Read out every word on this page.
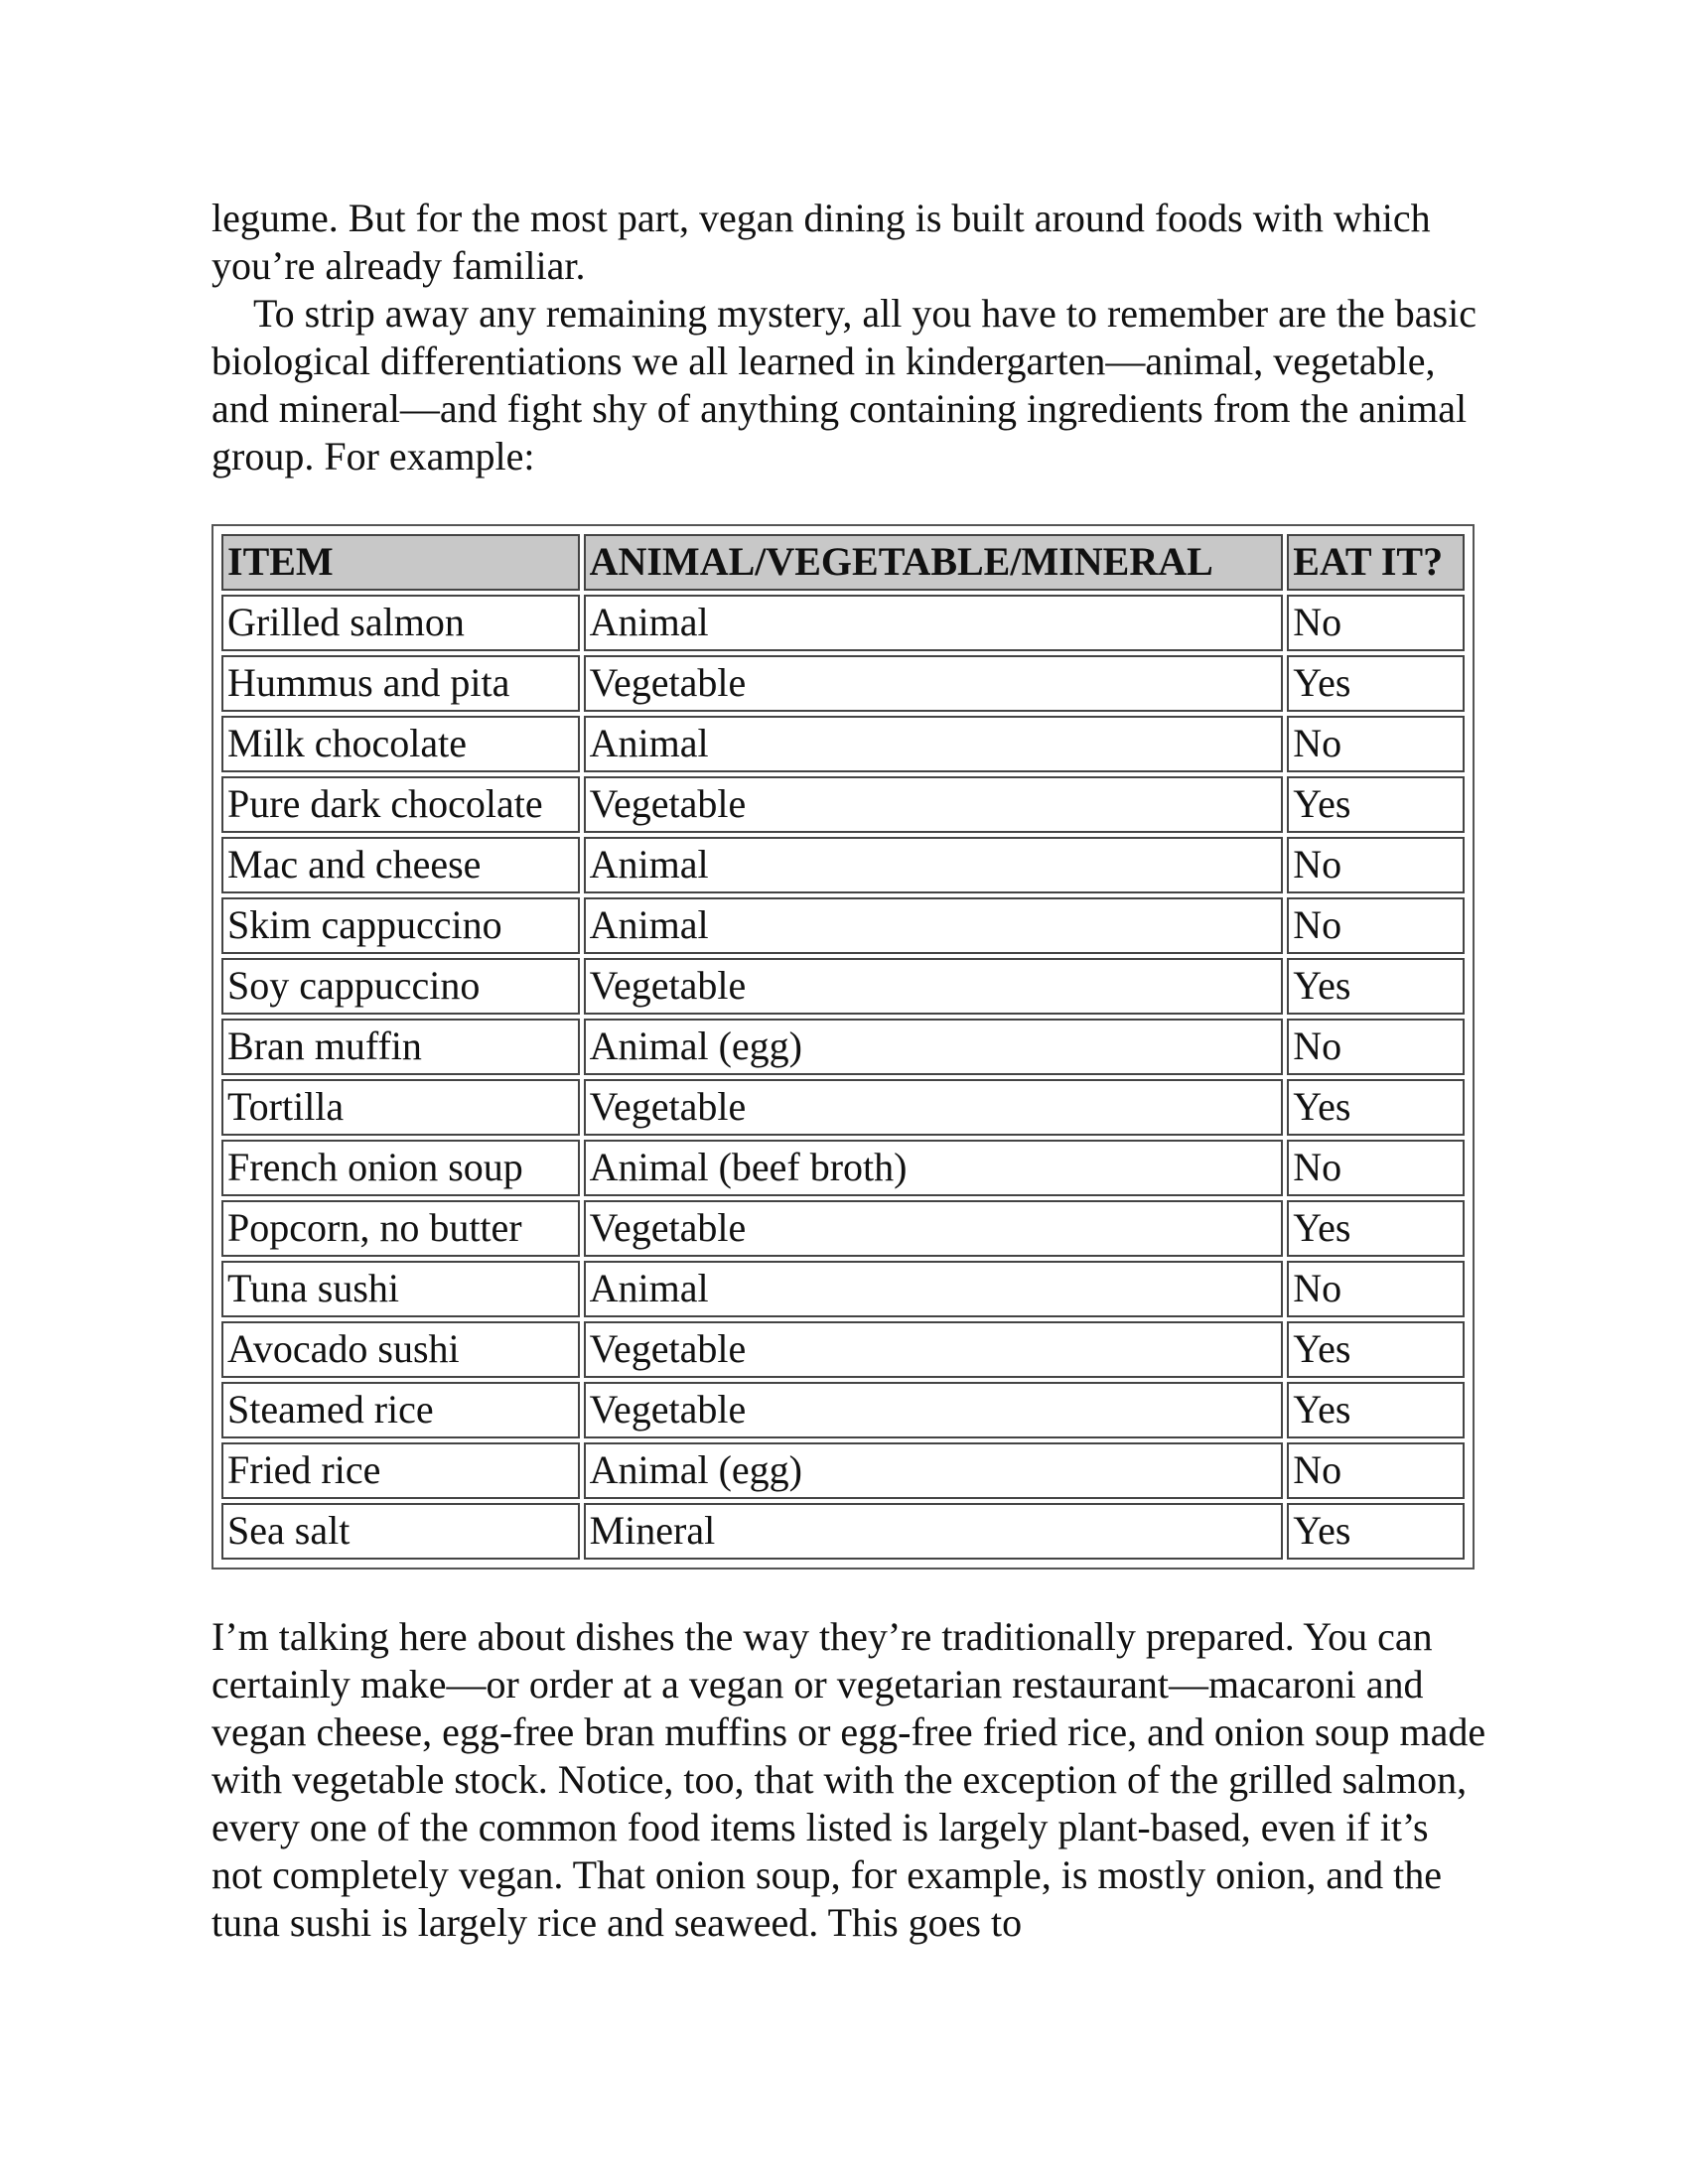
legume. But for the most part, vegan dining is built around foods with which you’re already familiar.

To strip away any remaining mystery, all you have to remember are the basic biological differentiations we all learned in kindergarten—animal, vegetable, and mineral—and fight shy of anything containing ingredients from the animal group. For example:

ITEM	ANIMAL/VEGETABLE/MINERAL	EAT IT?
Grilled salmon	Animal	No
Hummus and pita	Vegetable	Yes
Milk chocolate	Animal	No
Pure dark chocolate	Vegetable	Yes
Mac and cheese	Animal	No
Skim cappuccino	Animal	No
Soy cappuccino	Vegetable	Yes
Bran muffin	Animal (egg)	No
Tortilla	Vegetable	Yes
French onion soup	Animal (beef broth)	No
Popcorn, no butter	Vegetable	Yes
Tuna sushi	Animal	No
Avocado sushi	Vegetable	Yes
Steamed rice	Vegetable	Yes
Fried rice	Animal (egg)	No
Sea salt	Mineral	Yes

I’m talking here about dishes the way they’re traditionally prepared. You can certainly make—or order at a vegan or vegetarian restaurant—macaroni and vegan cheese, egg-free bran muffins or egg-free fried rice, and onion soup made with vegetable stock. Notice, too, that with the exception of the grilled salmon, every one of the common food items listed is largely plant-based, even if it’s not completely vegan. That onion soup, for example, is mostly onion, and the tuna sushi is largely rice and seaweed. This goes to
